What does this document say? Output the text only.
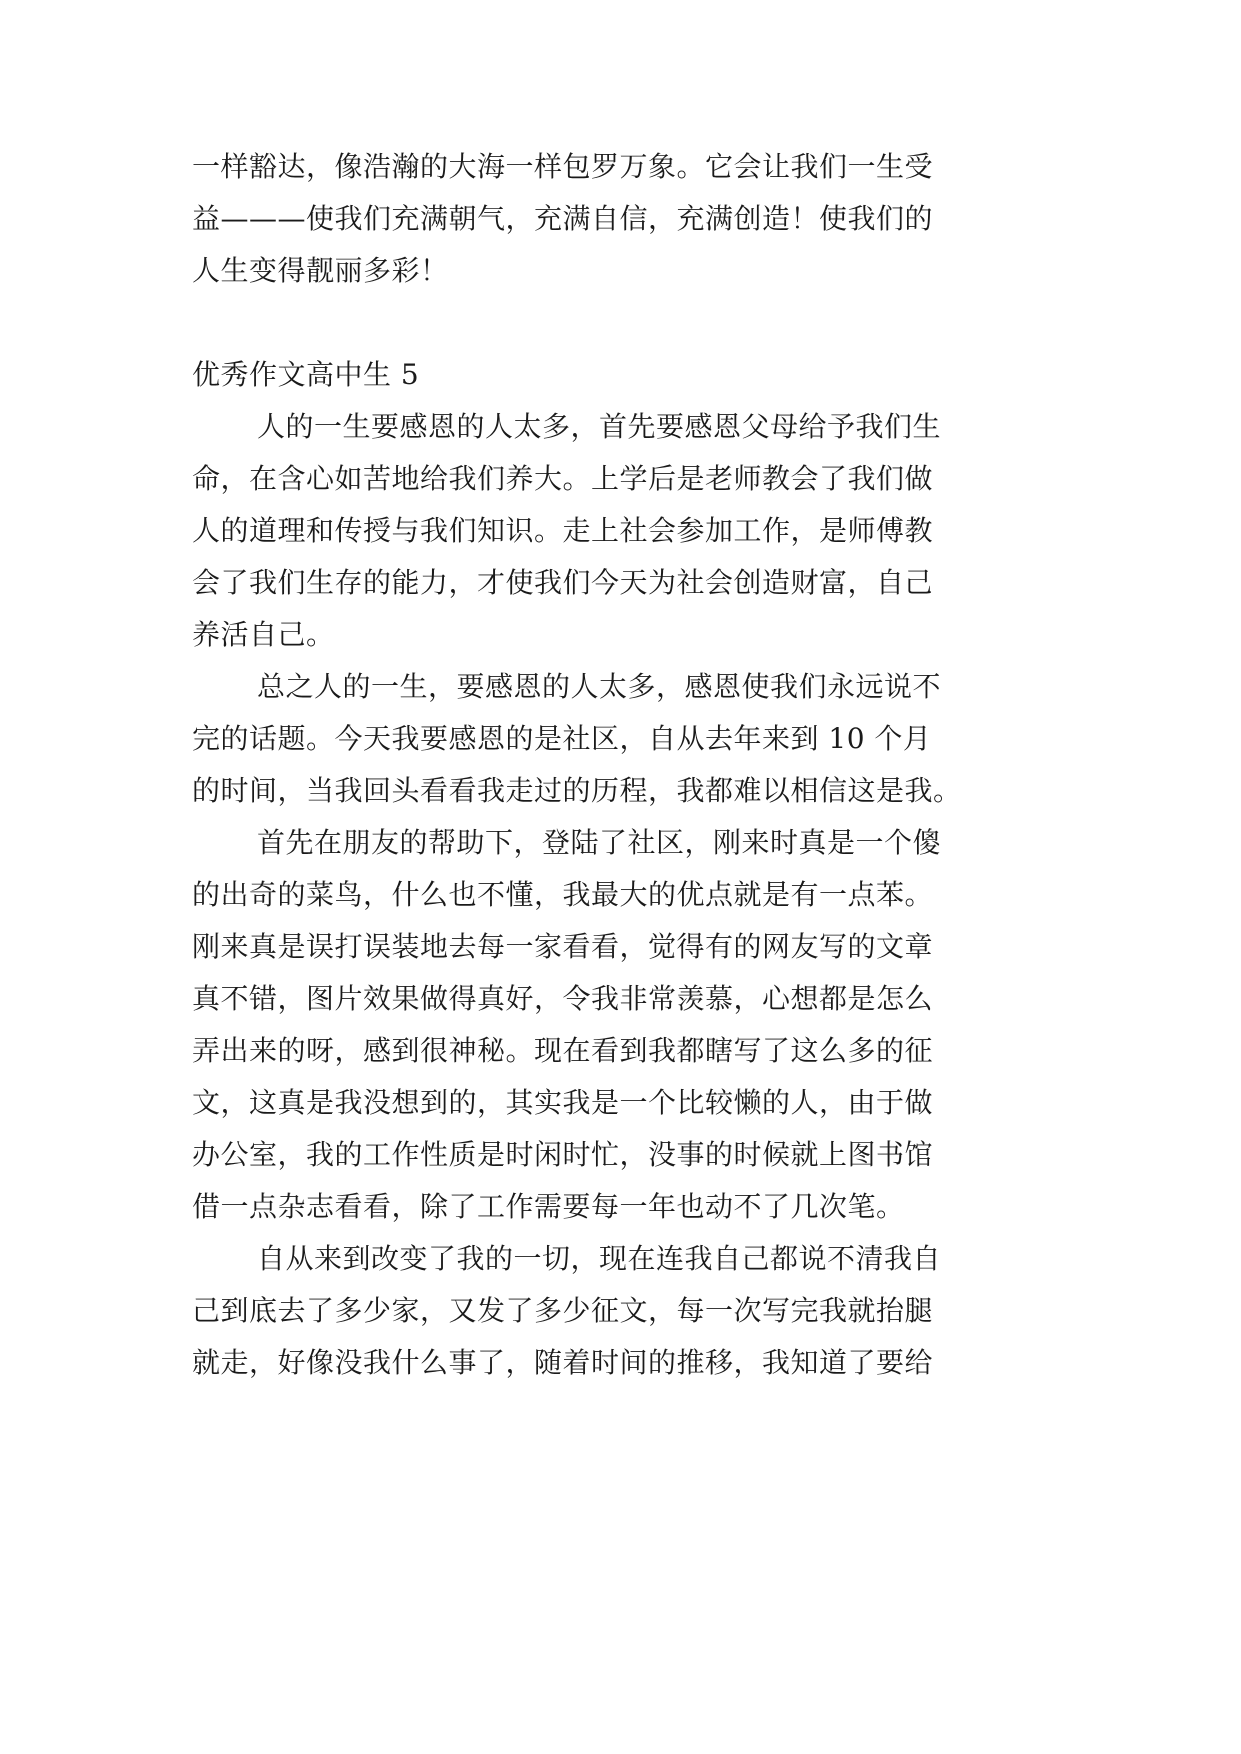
一样豁达，像浩瀚的大海一样包罗万象。它会让我们一生受
益———使我们充满朝气，充满自信，充满创造！使我们的
人生变得靓丽多彩！
优秀作文高中生 5
人的一生要感恩的人太多，首先要感恩父母给予我们生
命，在含心如苦地给我们养大。上学后是老师教会了我们做
人的道理和传授与我们知识。走上社会参加工作，是师傅教
会了我们生存的能力，才使我们今天为社会创造财富，自己
养活自己。
总之人的一生，要感恩的人太多，感恩使我们永远说不
完的话题。今天我要感恩的是社区，自从去年来到 10 个月
的时间，当我回头看看我走过的历程，我都难以相信这是我。
首先在朋友的帮助下，登陆了社区，刚来时真是一个傻
的出奇的菜鸟，什么也不懂，我最大的优点就是有一点苯。
刚来真是误打误装地去每一家看看，觉得有的网友写的文章
真不错，图片效果做得真好，令我非常羡慕，心想都是怎么
弄出来的呀，感到很神秘。现在看到我都瞎写了这么多的征
文，这真是我没想到的，其实我是一个比较懒的人，由于做
办公室，我的工作性质是时闲时忙，没事的时候就上图书馆
借一点杂志看看，除了工作需要每一年也动不了几次笔。
自从来到改变了我的一切，现在连我自己都说不清我自
己到底去了多少家，又发了多少征文，每一次写完我就抬腿
就走，好像没我什么事了，随着时间的推移，我知道了要给
